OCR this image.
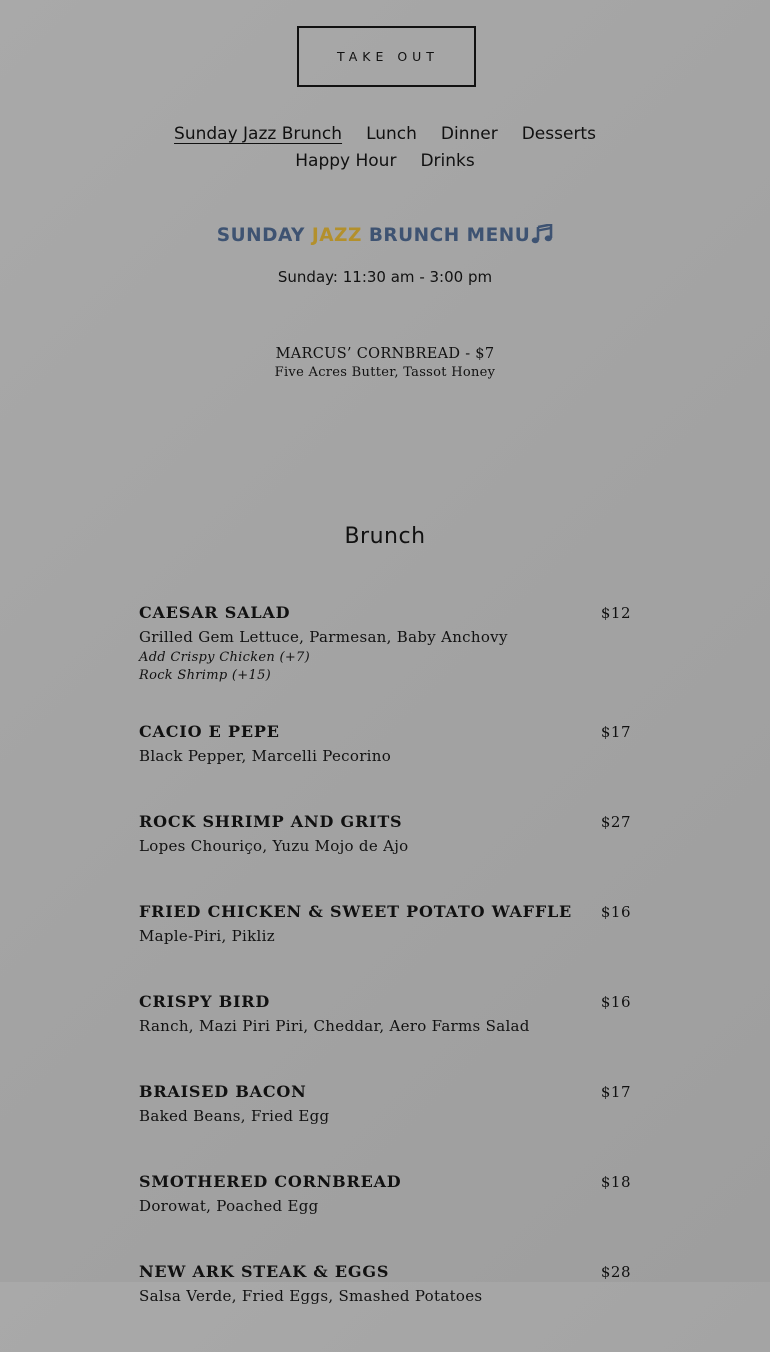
TAKE OUT
Sunday Jazz Brunch Lunch Dinner Desserts
Happy Hour Drinks
SUNDAY JAZZ BRUNCH MENU
Sunday: 11:30 am - 3:00 pm
MARCUS’ CORNBREAD - $7
Five Acres Butter, Tassot Honey
Brunch
CAESAR SALAD	$12
Grilled Gem Lettuce, Parmesan, Baby Anchovy
Add Crispy Chicken (+7)
Rock Shrimp (+15)
CACIO E PEPE	$17
Black Pepper, Marcelli Pecorino
ROCK SHRIMP AND GRITS	$27
Lopes Chouriço, Yuzu Mojo de Ajo
FRIED CHICKEN & SWEET POTATO WAFFLE	$16
Maple-Piri, Pikliz
CRISPY BIRD	$16
Ranch, Mazi Piri Piri, Cheddar, Aero Farms Salad
BRAISED BACON	$17
Baked Beans, Fried Egg
SMOTHERED CORNBREAD	$18
Dorowat, Poached Egg
NEW ARK STEAK & EGGS	$28
Salsa Verde, Fried Eggs, Smashed Potatoes
